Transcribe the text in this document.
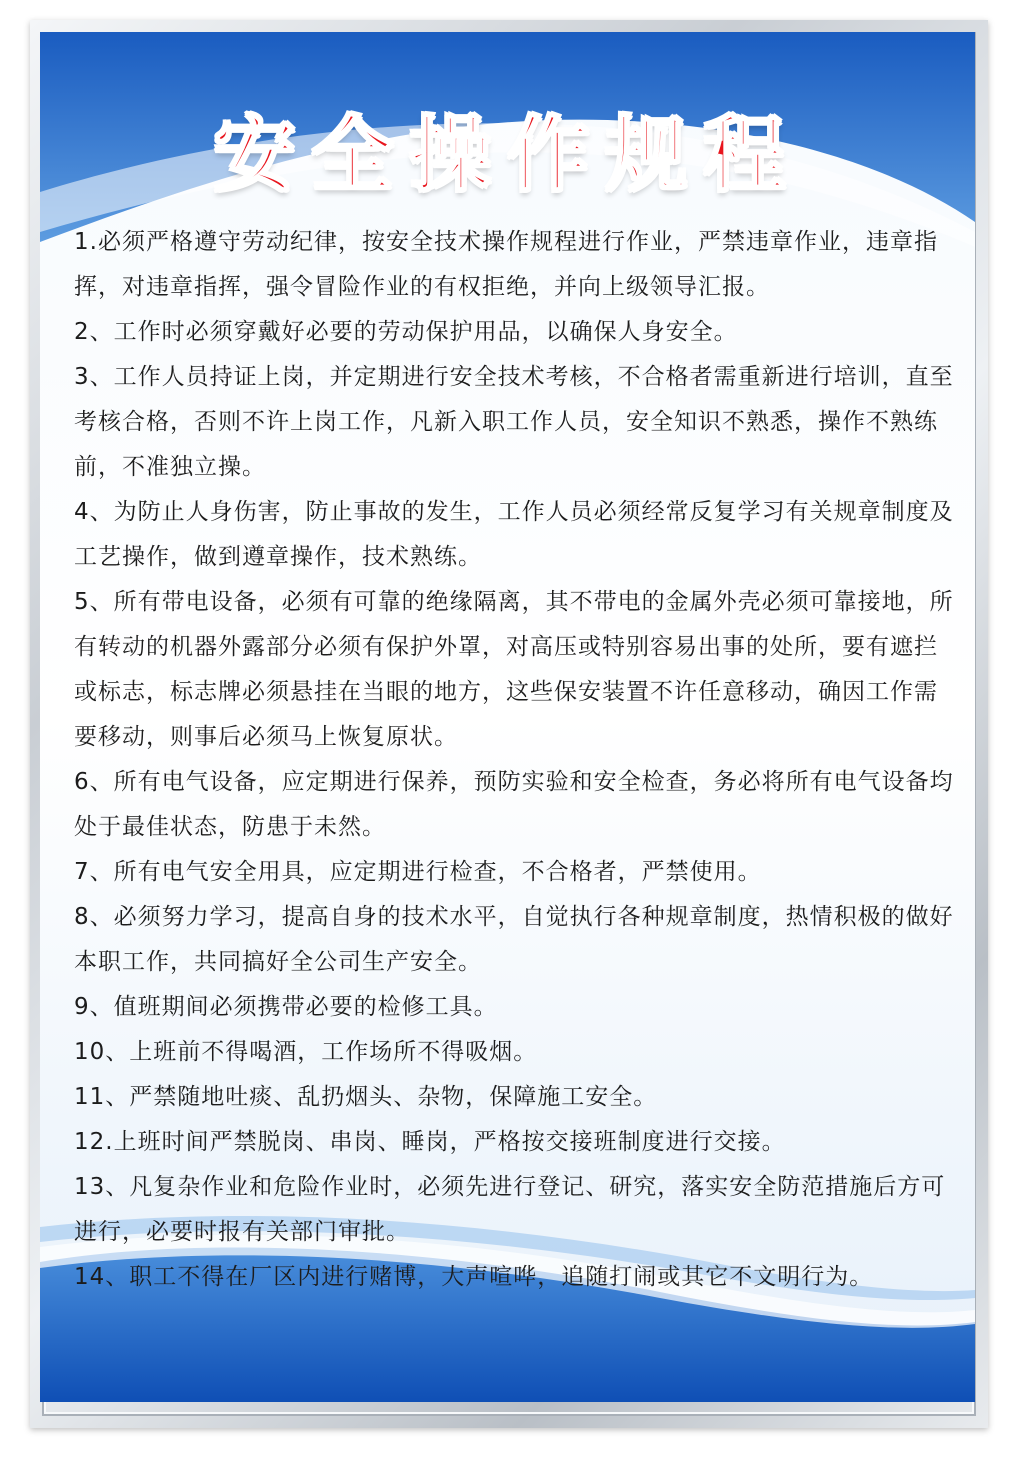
安全操作规程

1.必须严格遵守劳动纪律，按安全技术操作规程进行作业，严禁违章作业，违章指挥，对违章指挥，强令冒险作业的有权拒绝，并向上级领导汇报。

2、工作时必须穿戴好必要的劳动保护用品，以确保人身安全。

3、工作人员持证上岗，并定期进行安全技术考核，不合格者需重新进行培训，直至考核合格，否则不许上岗工作，凡新入职工作人员，安全知识不熟悉，操作不熟练前，不准独立操。

4、为防止人身伤害，防止事故的发生，工作人员必须经常反复学习有关规章制度及工艺操作，做到遵章操作，技术熟练。

5、所有带电设备，必须有可靠的绝缘隔离，其不带电的金属外壳必须可靠接地，所有转动的机器外露部分必须有保护外罩，对高压或特别容易出事的处所，要有遮拦或标志，标志牌必须悬挂在当眼的地方，这些保安装置不许任意移动，确因工作需要移动，则事后必须马上恢复原状。

6、所有电气设备，应定期进行保养，预防实验和安全检查，务必将所有电气设备均处于最佳状态，防患于未然。

7、所有电气安全用具，应定期进行检查，不合格者，严禁使用。

8、必须努力学习，提高自身的技术水平，自觉执行各种规章制度，热情积极的做好本职工作，共同搞好全公司生产安全。

9、值班期间必须携带必要的检修工具。

10、上班前不得喝酒，工作场所不得吸烟。

11、严禁随地吐痰、乱扔烟头、杂物，保障施工安全。

12.上班时间严禁脱岗、串岗、睡岗，严格按交接班制度进行交接。

13、凡复杂作业和危险作业时，必须先进行登记、研究，落实安全防范措施后方可进行，必要时报有关部门审批。

14、职工不得在厂区内进行赌博，大声喧哗，追随打闹或其它不文明行为。
